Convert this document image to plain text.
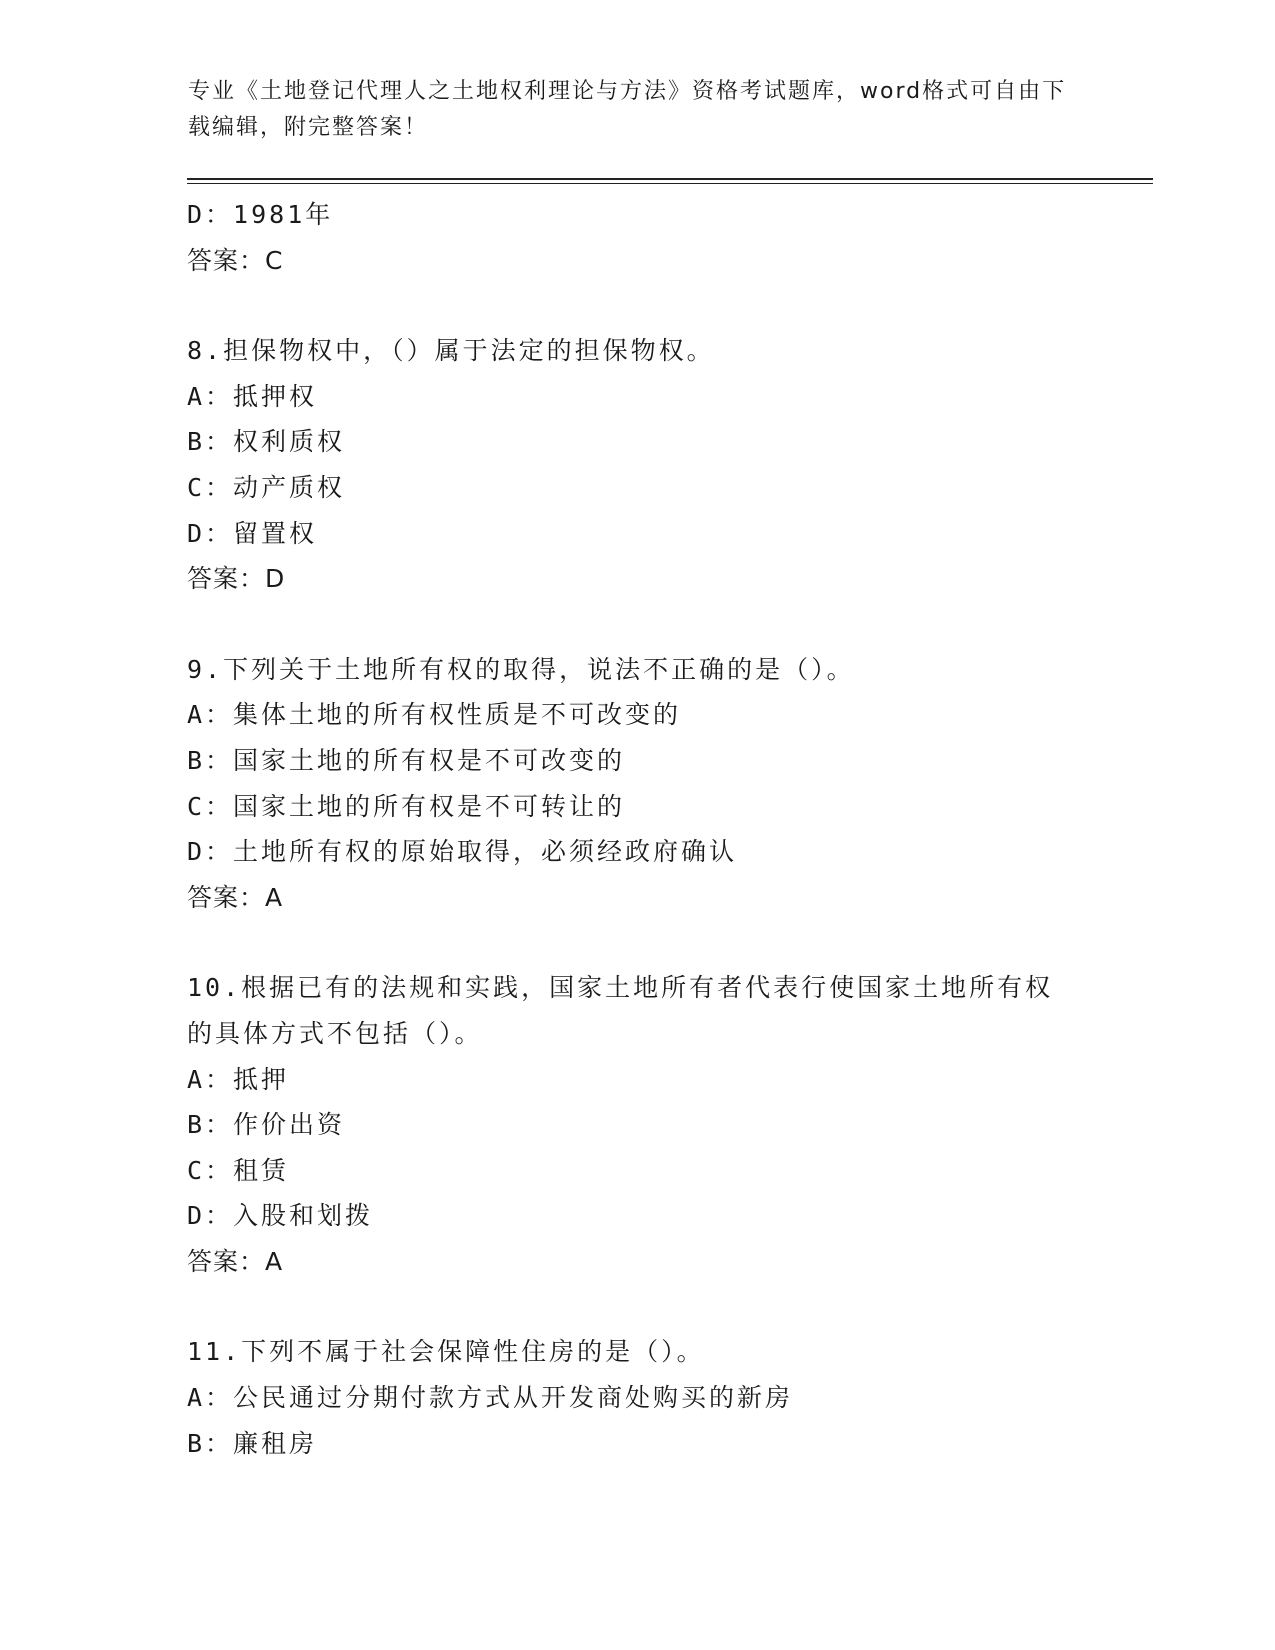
专业《土地登记代理人之土地权利理论与方法》资格考试题库，word格式可自由下载编辑，附完整答案！
D：1981年
答案：C
8.担保物权中，（）属于法定的担保物权。
A：抵押权
B：权利质权
C：动产质权
D：留置权
答案：D
9.下列关于土地所有权的取得，说法不正确的是（）。
A：集体土地的所有权性质是不可改变的
B：国家土地的所有权是不可改变的
C：国家土地的所有权是不可转让的
D：土地所有权的原始取得，必须经政府确认
答案：A
10.根据已有的法规和实践，国家土地所有者代表行使国家土地所有权的具体方式不包括（）。
A：抵押
B：作价出资
C：租赁
D：入股和划拨
答案：A
11.下列不属于社会保障性住房的是（）。
A：公民通过分期付款方式从开发商处购买的新房
B：廉租房
